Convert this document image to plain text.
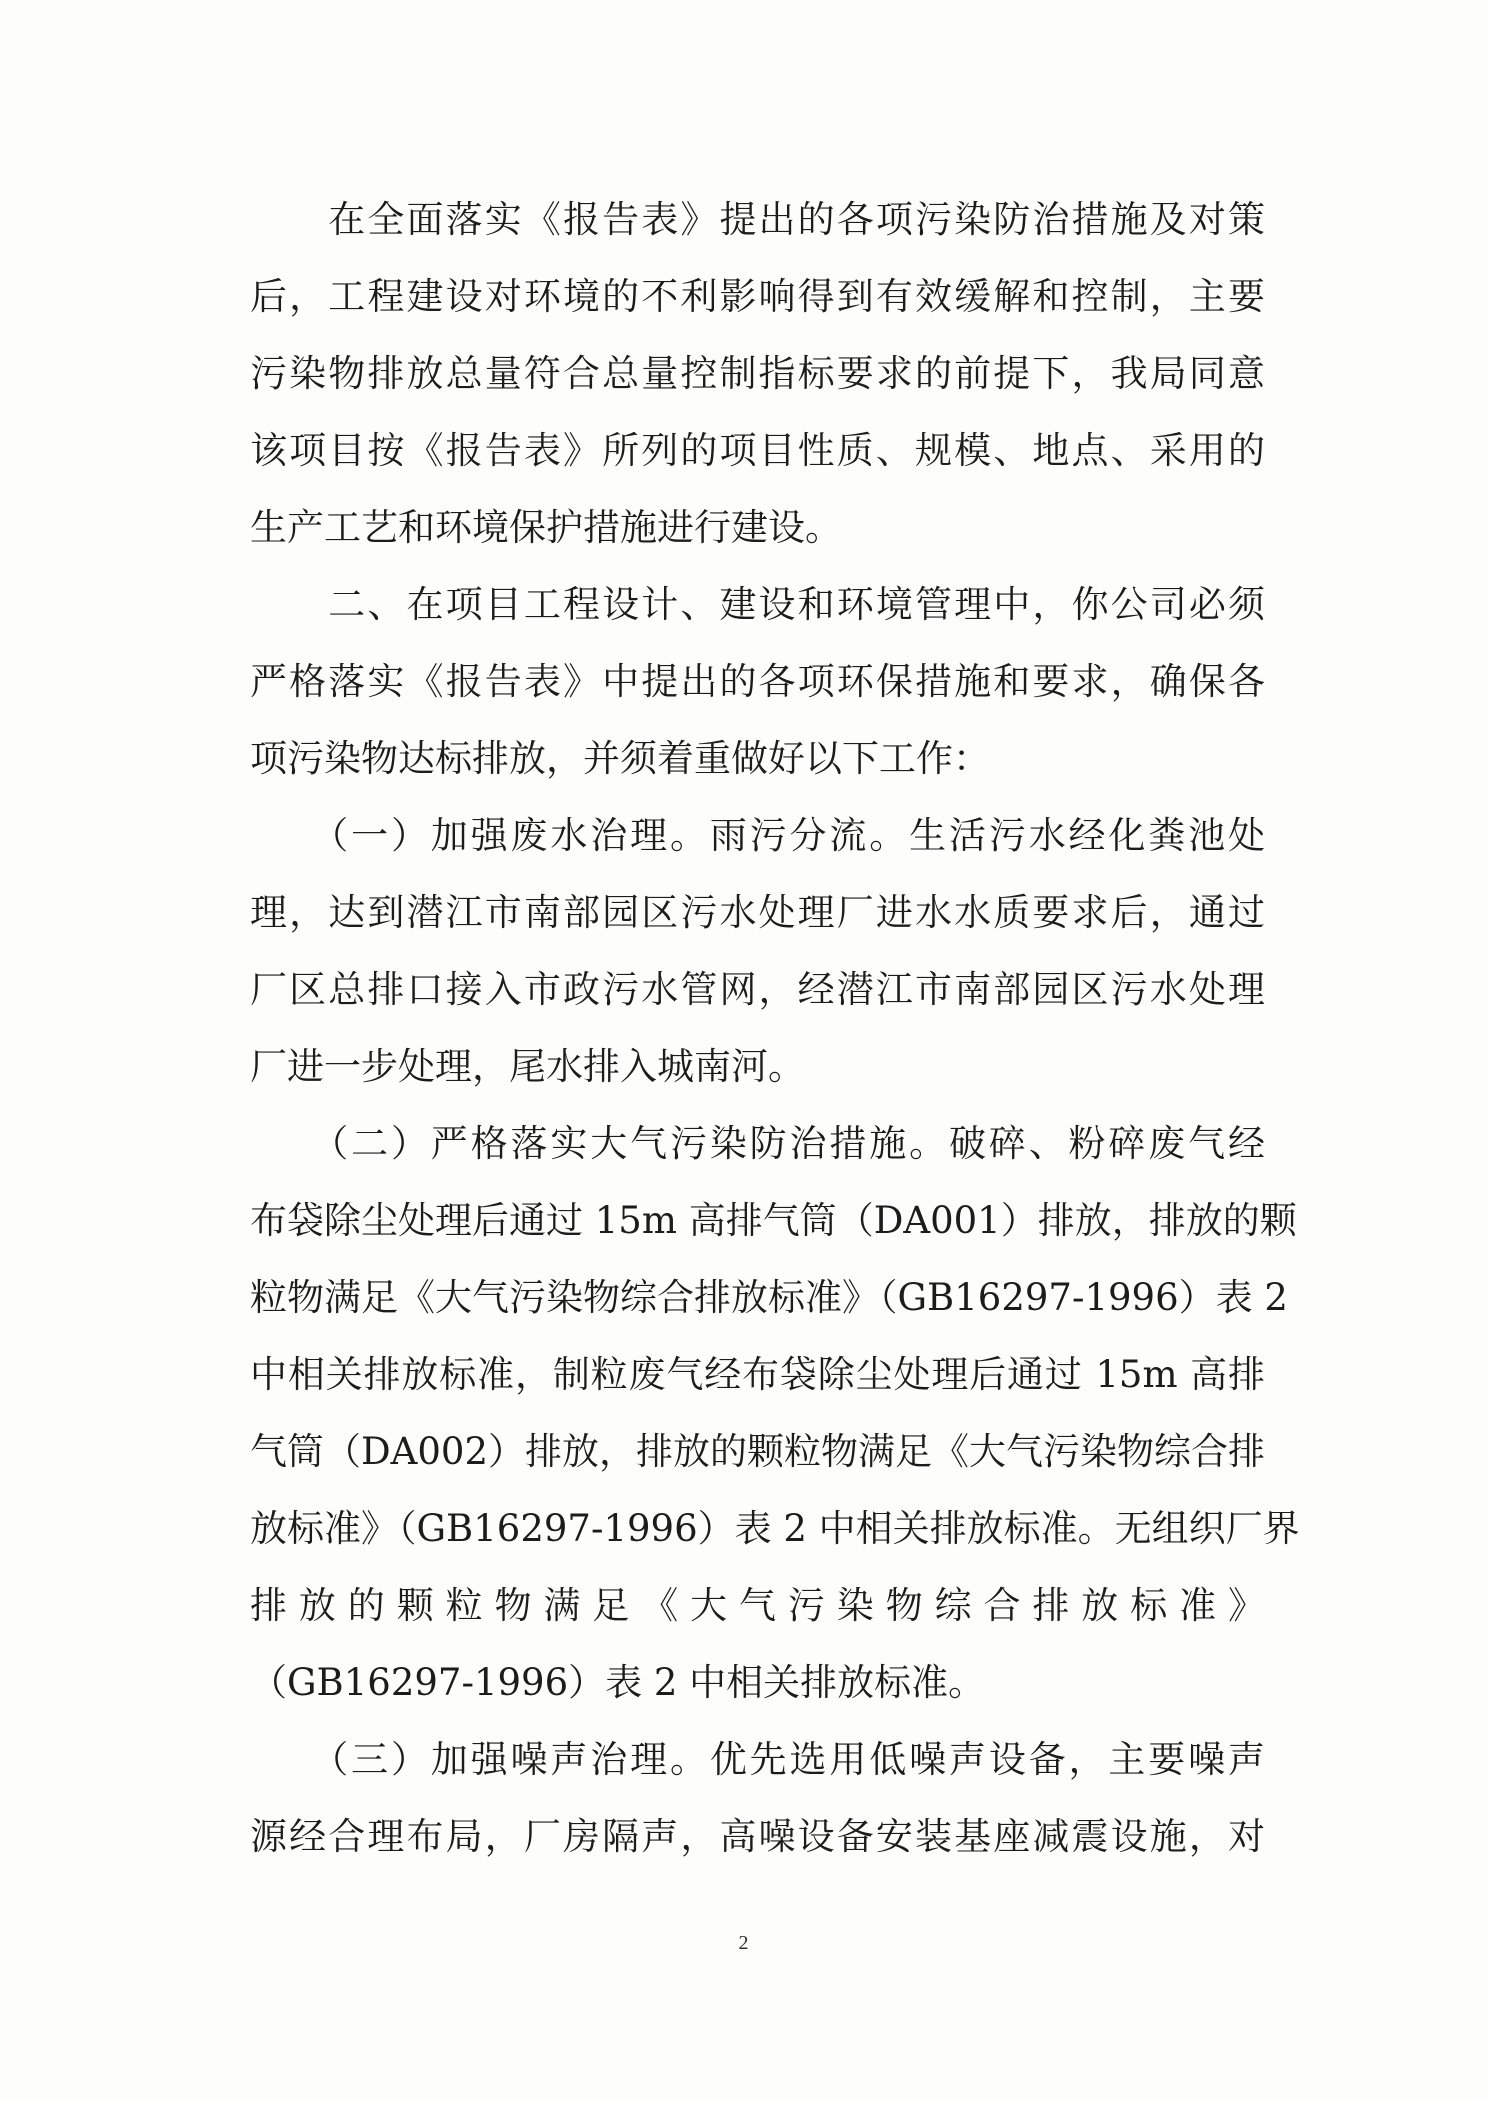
　　在全面落实《报告表》提出的各项污染防治措施及对策
后，工程建设对环境的不利影响得到有效缓解和控制，主要
污染物排放总量符合总量控制指标要求的前提下，我局同意
该项目按《报告表》所列的项目性质、规模、地点、采用的
生产工艺和环境保护措施进行建设。
　　二、在项目工程设计、建设和环境管理中，你公司必须
严格落实《报告表》中提出的各项环保措施和要求，确保各
项污染物达标排放，并须着重做好以下工作：
　　（一）加强废水治理。雨污分流。生活污水经化粪池处
理，达到潜江市南部园区污水处理厂进水水质要求后，通过
厂区总排口接入市政污水管网，经潜江市南部园区污水处理
厂进一步处理，尾水排入城南河。
　　（二）严格落实大气污染防治措施。破碎、粉碎废气经
布袋除尘处理后通过 15m 高排气筒（DA001）排放，排放的颗
粒物满足《大气污染物综合排放标准》（GB16297-1996）表 2
中相关排放标准，制粒废气经布袋除尘处理后通过 15m 高排
气筒（DA002）排放，排放的颗粒物满足《大气污染物综合排
放标准》（GB16297-1996）表 2 中相关排放标准。无组织厂界
排放的颗粒物满足《大气污染物综合排放标准》
（GB16297-1996）表 2 中相关排放标准。
　　（三）加强噪声治理。优先选用低噪声设备，主要噪声
源经合理布局，厂房隔声，高噪设备安装基座减震设施，对
2
